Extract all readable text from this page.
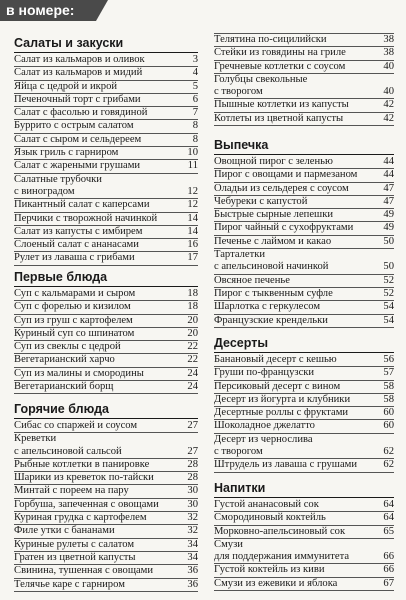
в номере:
Салаты и закуски
Салат из кальмаров и оливок	3
Салат из кальмаров и мидий	4
Яйца с цедрой и икрой	5
Печеночный торт с грибами	6
Салат с фасолью и говядиной	7
Буррито с острым салатом	8
Салат с сыром и сельдереем	8
Язык гриль с гарниром	10
Салат с жареными грушами	11
Салатные трубочки
с виноградом	12
Пикантный салат с каперсами	12
Перчики с творожной начинкой	14
Салат из капусты с имбирем	14
Слоеный салат с ананасами	16
Рулет из лаваша с грибами	17
Первые блюда
Суп с кальмарами и сыром	18
Суп с форелью и кизилом	18
Суп из груш с картофелем	20
Куриный суп со шпинатом	20
Суп из свеклы с цедрой	22
Вегетарианский харчо	22
Суп из малины и смородины	24
Вегетарианский борщ	24
Горячие блюда
Сибас со спаржей и соусом	27
Креветки
с апельсиновой сальсой	27
Рыбные котлетки в панировке	28
Шарики из креветок по-тайски	28
Минтай с пореем на пару	30
Горбуша, запеченная с овощами	30
Куриная грудка с картофелем	32
Филе утки с бананами	32
Куриные рулеты с салатом	34
Гратен из цветной капусты	34
Свинина, тушенная с овощами	36
Телячье каре с гарниром	36
Телятина по-сицилийски	38
Стейки из говядины на гриле	38
Гречневые котлетки с соусом	40
Голубцы свекольные
с творогом	40
Пышные котлетки из капусты	42
Котлеты из цветной капусты	42
Выпечка
Овощной пирог с зеленью	44
Пирог с овощами и пармезаном	44
Оладьи из сельдерея с соусом	47
Чебуреки с капустой	47
Быстрые сырные лепешки	49
Пирог чайный с сухофруктами	49
Печенье с лаймом и какао	50
Тарталетки
с апельсиновой начинкой	50
Овсяное печенье	52
Пирог с тыквенным суфле	52
Шарлотка с геркулесом	54
Французские крендельки	54
Десерты
Банановый десерт с кешью	56
Груши по-французски	57
Персиковый десерт с вином	58
Десерт из йогурта и клубники	58
Десертные роллы с фруктами	60
Шоколадное джелатто	60
Десерт из чернослива
с творогом	62
Штрудель из лаваша с грушами	62
Напитки
Густой ананасовый сок	64
Смородиновый коктейль	64
Морковно-апельсиновый сок	65
Смузи
для поддержания иммунитета	66
Густой коктейль из киви	66
Смузи из ежевики и яблока	67
